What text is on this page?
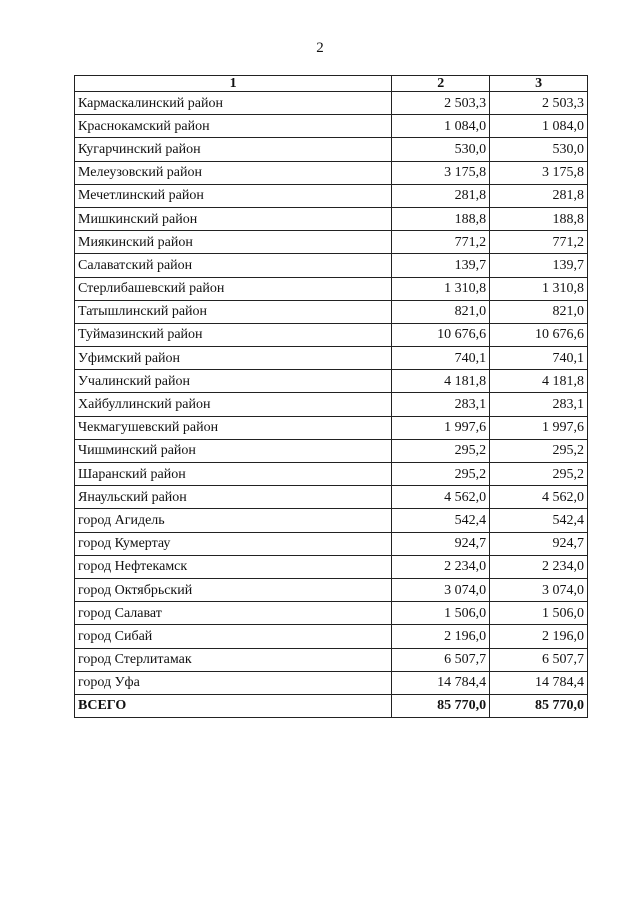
2
1	2	3
Кармаскалинский район	2 503,3	2 503,3
Краснокамский район	1 084,0	1 084,0
Кугарчинский район	530,0	530,0
Мелеузовский район	3 175,8	3 175,8
Мечетлинский район	281,8	281,8
Мишкинский район	188,8	188,8
Миякинский район	771,2	771,2
Салаватский район	139,7	139,7
Стерлибашевский район	1 310,8	1 310,8
Татышлинский район	821,0	821,0
Туймазинский район	10 676,6	10 676,6
Уфимский район	740,1	740,1
Учалинский район	4 181,8	4 181,8
Хайбуллинский район	283,1	283,1
Чекмагушевский район	1 997,6	1 997,6
Чишминский район	295,2	295,2
Шаранский район	295,2	295,2
Янаульский район	4 562,0	4 562,0
город Агидель	542,4	542,4
город Кумертау	924,7	924,7
город Нефтекамск	2 234,0	2 234,0
город Октябрьский	3 074,0	3 074,0
город Салават	1 506,0	1 506,0
город Сибай	2 196,0	2 196,0
город Стерлитамак	6 507,7	6 507,7
город Уфа	14 784,4	14 784,4
ВСЕГО	85 770,0	85 770,0
